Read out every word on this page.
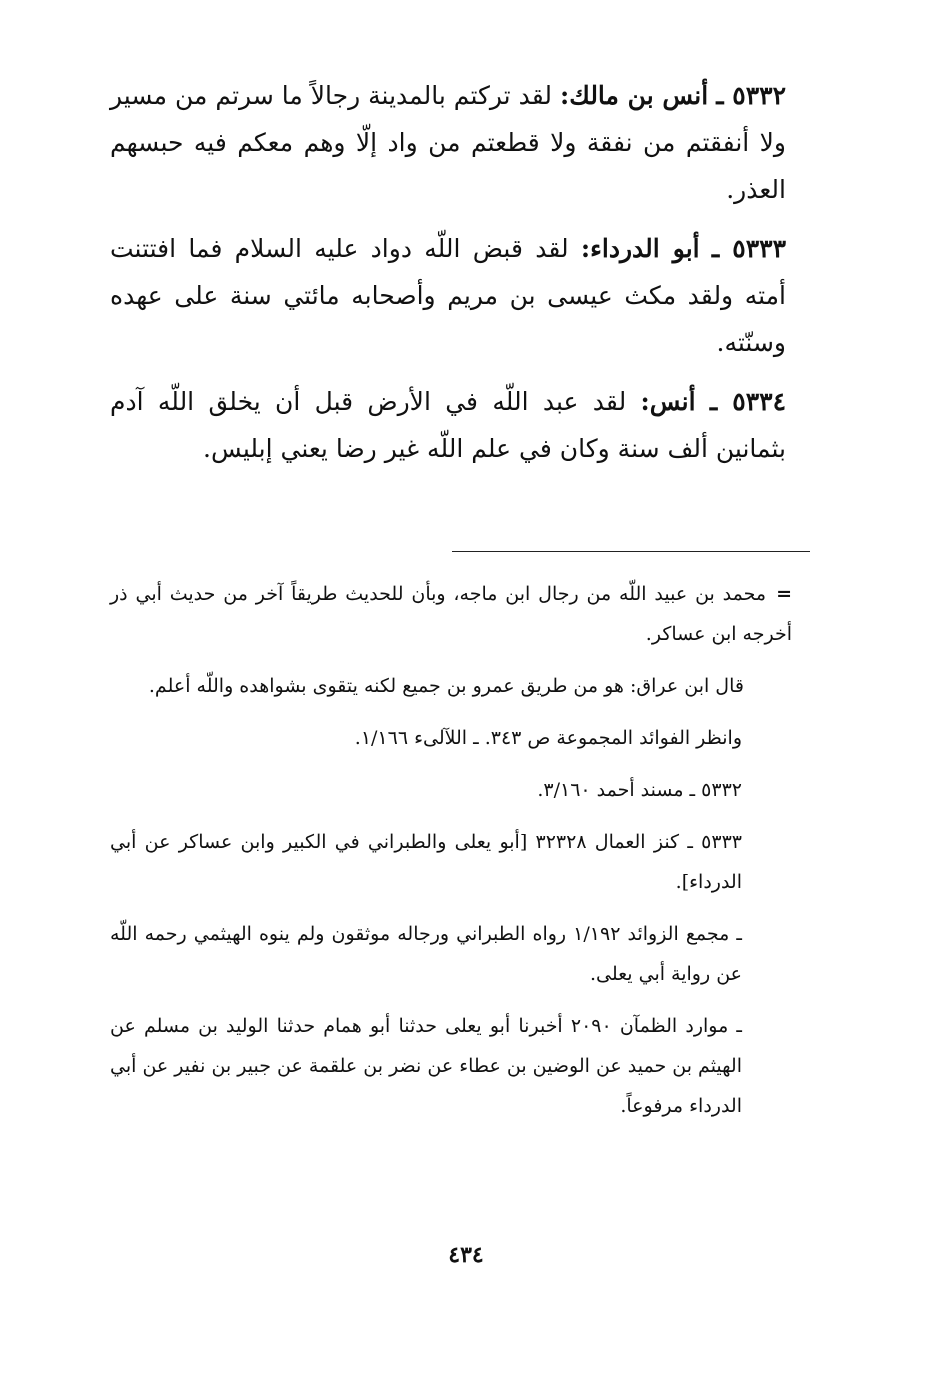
٥٣٣٢ ـ أنس بن مالك: لقد تركتم بالمدينة رجالاً ما سرتم من مسير ولا أنفقتم من نفقة ولا قطعتم من واد إلّا وهم معكم فيه حبسهم العذر.

٥٣٣٣ ـ أبو الدرداء: لقد قبض اللّه دواد عليه السلام فما افتتنت أمته ولقد مكث عيسى بن مريم وأصحابه مائتي سنة على عهده وسنّته.

٥٣٣٤ ـ أنس: لقد عبد اللّه في الأرض قبل أن يخلق اللّه آدم بثمانين ألف سنة وكان في علم اللّه غير رضا يعني إبليس.

=محمد بن عبيد اللّه من رجال ابن ماجه، وبأن للحديث طريقاً آخر من حديث أبي ذر أخرجه ابن عساكر.

قال ابن عراق: هو من طريق عمرو بن جميع لكنه يتقوى بشواهده واللّه أعلم.

وانظر الفوائد المجموعة ص ٣٤٣. ـ اللآلىء ١/١٦٦.

٥٣٣٢ ـ مسند أحمد ٣/١٦٠.

٥٣٣٣ ـ كنز العمال ٣٢٣٢٨ [أبو يعلى والطبراني في الكبير وابن عساكر عن أبي الدرداء].

ـ مجمع الزوائد ١/١٩٢ رواه الطبراني ورجاله موثقون ولم ينوه الهيثمي رحمه اللّه عن رواية أبي يعلى.

ـ موارد الظمآن ٢٠٩٠ أخبرنا أبو يعلى حدثنا أبو همام حدثنا الوليد بن مسلم عن الهيثم بن حميد عن الوضين بن عطاء عن نضر بن علقمة عن جبير بن نفير عن أبي الدرداء مرفوعاً.

٤٣٤
